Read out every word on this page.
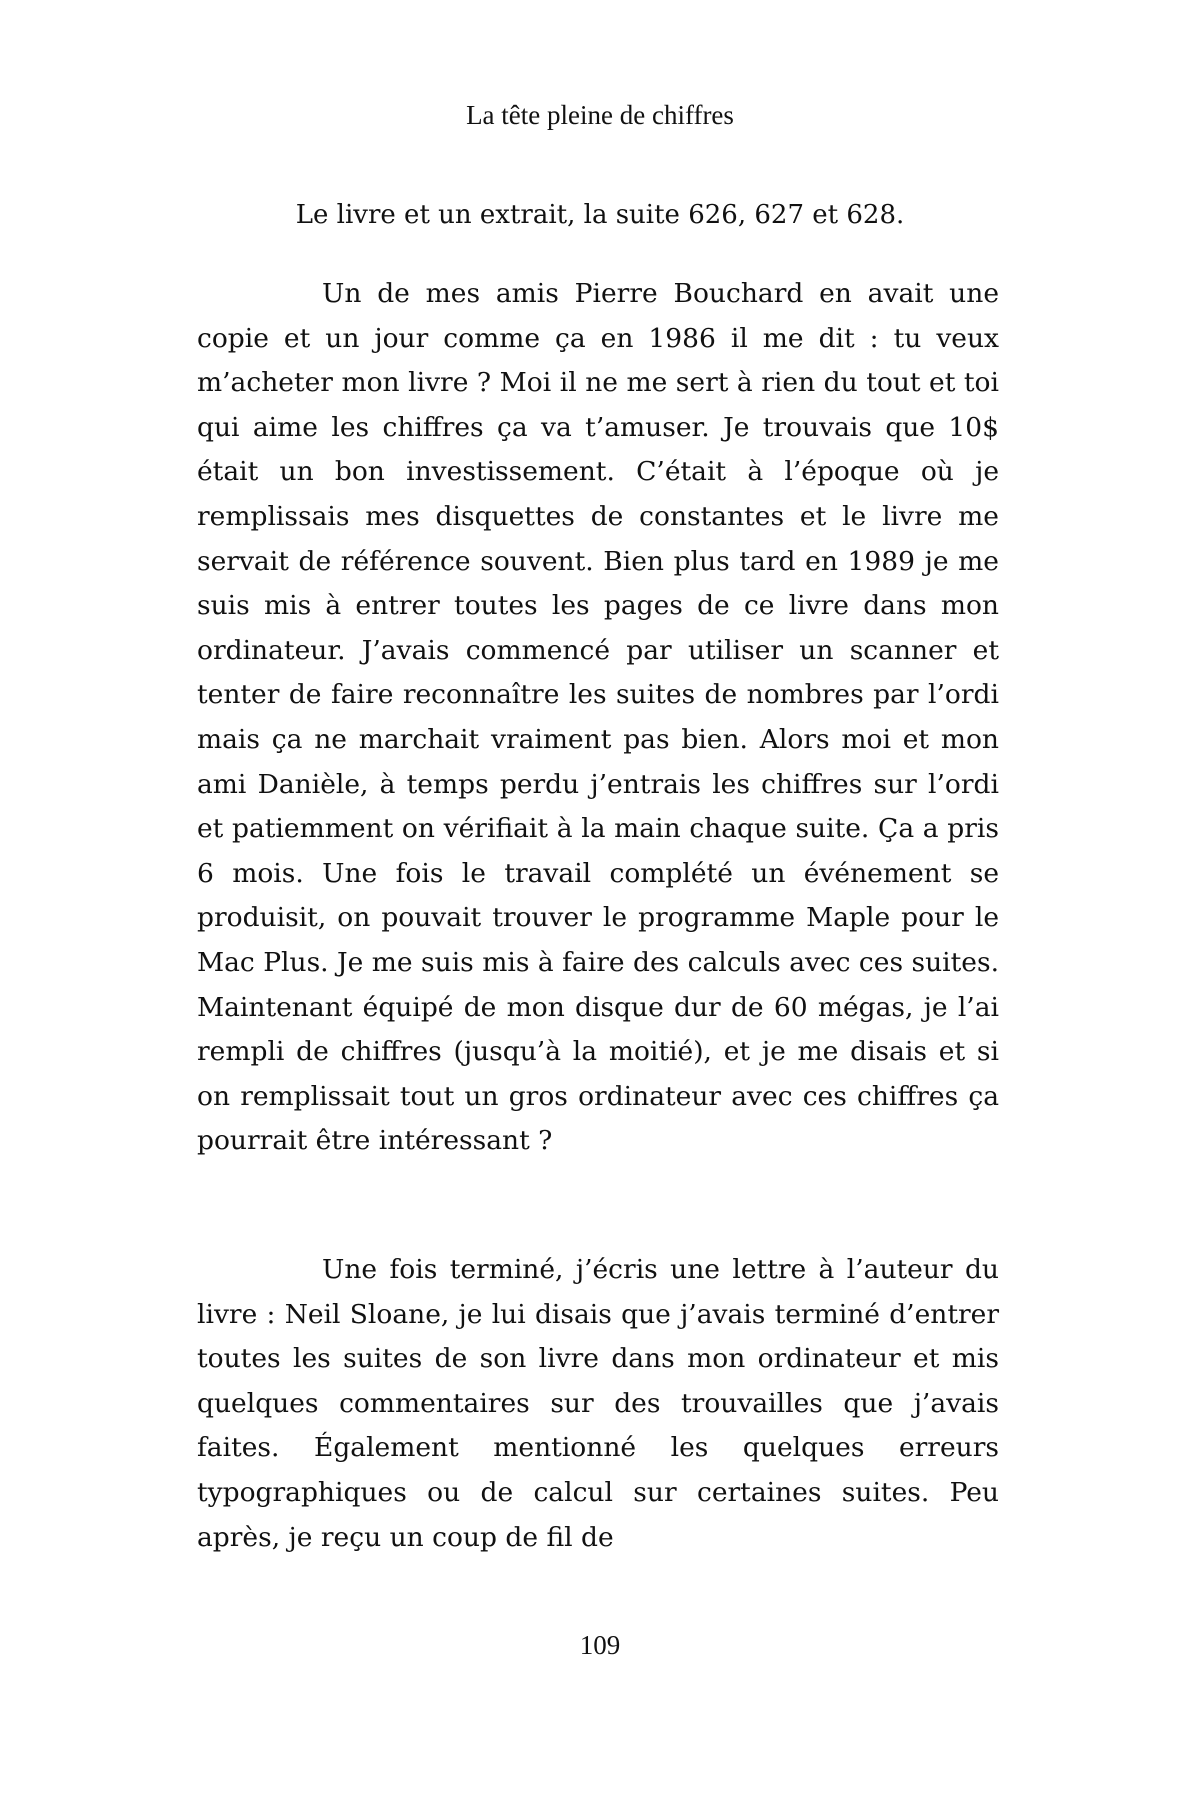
La tête pleine de chiffres
Le livre et un extrait, la suite 626, 627 et 628.

Un de mes amis Pierre Bouchard en avait une copie et un jour comme ça en 1986 il me dit : tu veux m’acheter mon livre ? Moi il ne me sert à rien du tout et toi qui aime les chiffres ça va t’amuser. Je trouvais que 10$ était un bon investissement. C’était à l’époque où je remplissais mes disquettes de constantes et le livre me servait de référence souvent. Bien plus tard en 1989 je me suis mis à entrer toutes les pages de ce livre dans mon ordinateur. J’avais commencé par utiliser un scanner et tenter de faire reconnaître les suites de nombres par l’ordi mais ça ne marchait vraiment pas bien. Alors moi et mon ami Danièle, à temps perdu j’entrais les chiffres sur l’ordi et patiemment on vérifiait à la main chaque suite. Ça a pris 6 mois. Une fois le travail complété un événement se produisit, on pouvait trouver le programme Maple pour le Mac Plus. Je me suis mis à faire des calculs avec ces suites. Maintenant équipé de mon disque dur de 60 mégas, je l’ai rempli de chiffres (jusqu’à la moitié), et je me disais et si on remplissait tout un gros ordinateur avec ces chiffres ça pourrait être intéressant ?

Une fois terminé, j’écris une lettre à l’auteur du livre : Neil Sloane, je lui disais que j’avais terminé d’entrer toutes les suites de son livre dans mon ordinateur et mis quelques commentaires sur des trouvailles que j’avais faites. Également mentionné les quelques erreurs typographiques ou de calcul sur certaines suites. Peu après, je reçu un coup de fil de

109
